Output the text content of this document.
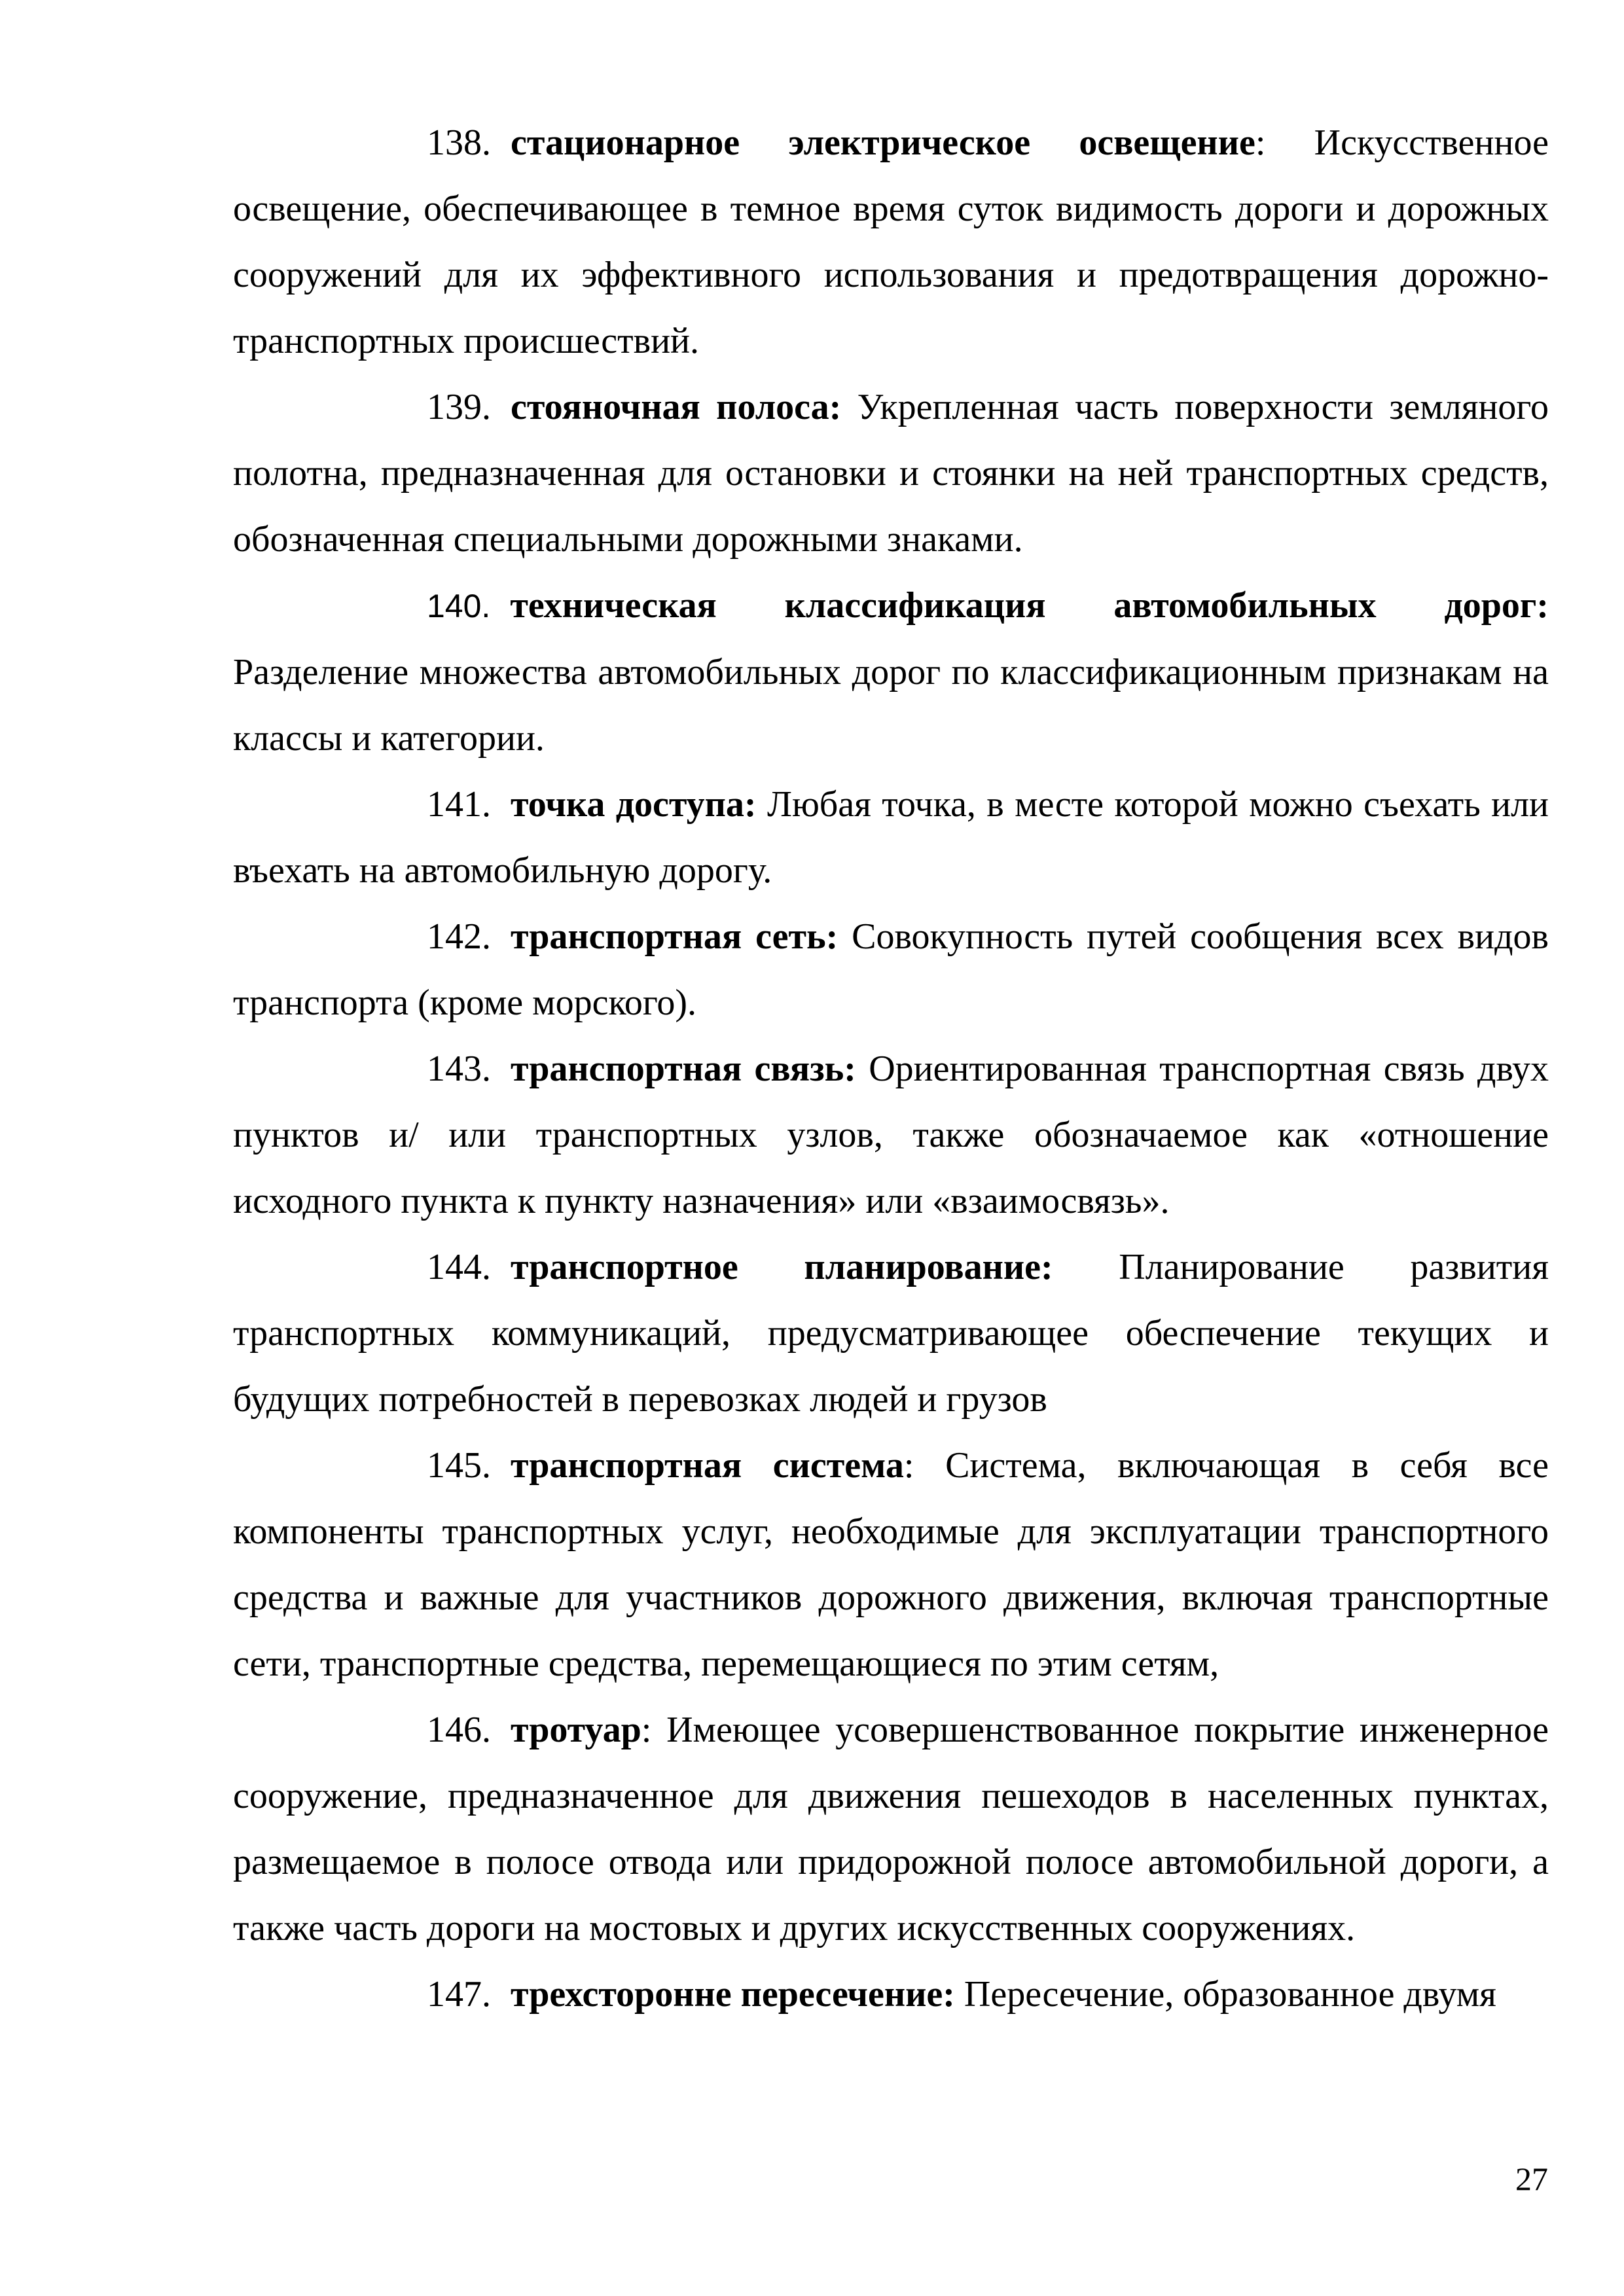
138. стационарное электрическое освещение: Искусственное освещение, обеспечивающее в темное время суток видимость дороги и дорожных сооружений для их эффективного использования и предотвращения дорожно-транспортных происшествий.

139. стояночная полоса: Укрепленная часть поверхности земляного полотна, предназначенная для остановки и стоянки на ней транспортных средств, обозначенная специальными дорожными знаками.

140. техническая классификация автомобильных дорог: Разделение множества автомобильных дорог по классификационным признакам на классы и категории.

141. точка доступа: Любая точка, в месте которой можно съехать или въехать на автомобильную дорогу.

142. транспортная сеть: Совокупность путей сообщения всех видов транспорта (кроме морского).

143. транспортная связь: Ориентированная транспортная связь двух пунктов и/ или транспортных узлов, также обозначаемое как «отношение исходного пункта к пункту назначения» или «взаимосвязь».

144. транспортное планирование: Планирование развития транспортных коммуникаций, предусматривающее обеспечение текущих и будущих потребностей в перевозках людей и грузов

145. транспортная система: Система, включающая в себя все компоненты транспортных услуг, необходимые для эксплуатации транспортного средства и важные для участников дорожного движения, включая транспортные сети, транспортные средства, перемещающиеся по этим сетям,

146. тротуар: Имеющее усовершенствованное покрытие инженерное сооружение, предназначенное для движения пешеходов в населенных пунктах, размещаемое в полосе отвода или придорожной полосе автомобильной дороги, а также часть дороги на мостовых и других искусственных сооружениях.

147. трехсторонне пересечение: Пересечение, образованное двумя

27
